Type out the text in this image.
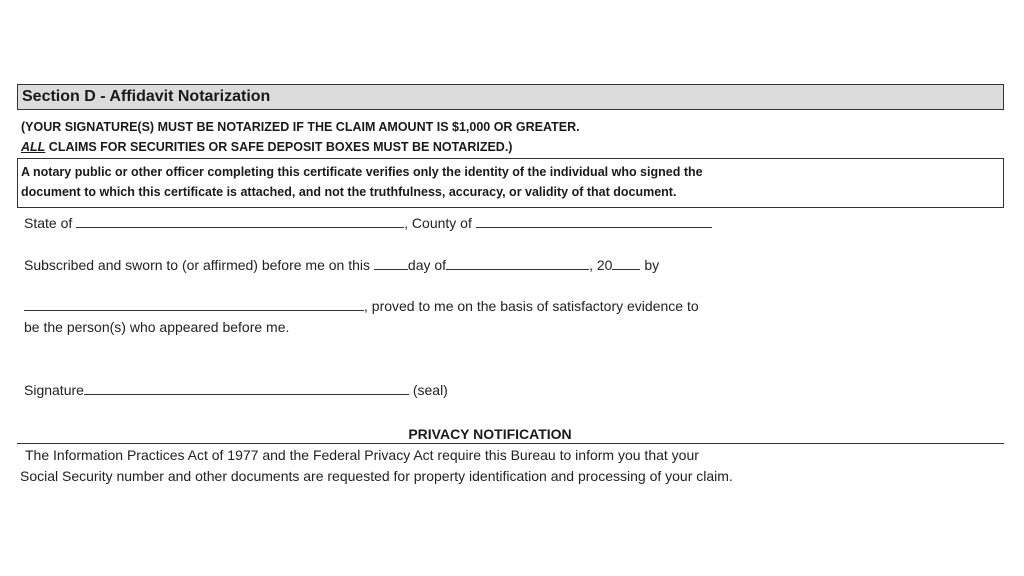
Section D - Affidavit Notarization
(YOUR SIGNATURE(S) MUST BE NOTARIZED IF THE CLAIM AMOUNT IS $1,000 OR GREATER.
ALL CLAIMS FOR SECURITIES OR SAFE DEPOSIT BOXES MUST BE NOTARIZED.)
A notary public or other officer completing this certificate verifies only the identity of the individual who signed the
document to which this certificate is attached, and not the truthfulness, accuracy, or validity of that document.
State of	, County of
Subscribed and sworn to (or affirmed) before me on this	day of	, 20 by
, proved to me on the basis of satisfactory evidence to
be the person(s) who appeared before me.
Signature	(seal)
PRIVACY NOTIFICATION
The Information Practices Act of 1977 and the Federal Privacy Act require this Bureau to inform you that your
Social Security number and other documents are requested for property identification and processing of your claim.
